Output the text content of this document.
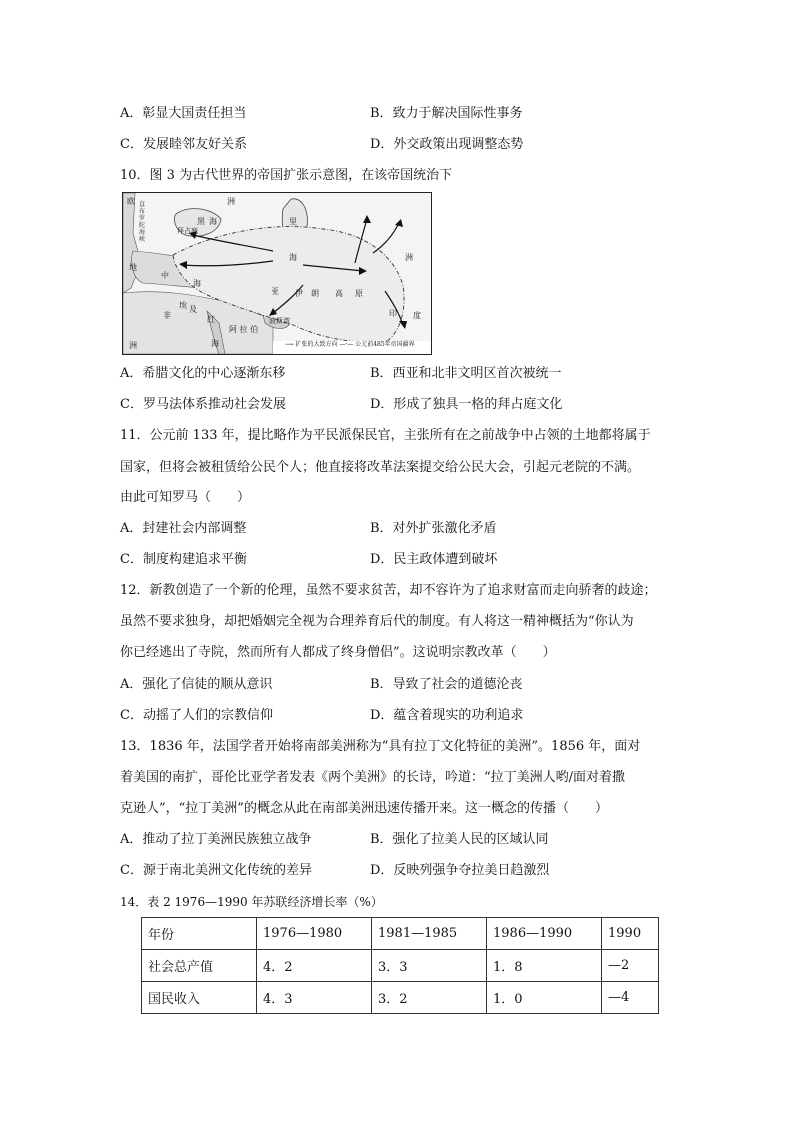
A．彰显大国责任担当	B．致力于解决国际性事务
C．发展睦邻友好关系	D．外交政策出现调整态势
10．图 3 为古代世界的帝国扩张示意图，在该帝国统治下
欧	洲
黑 海
拜占庭
里
海
地
中
海
亚
洲
伊 朗 高 原
非
埃 及
红
海
阿 拉 伯
波斯湾
印 度
洲
直布罗陀海峡
⟶ 扩张的大致方向 —·— 公元前485年帝国疆界
A．希腊文化的中心逐渐东移	B．西亚和北非文明区首次被统一
C．罗马法体系推动社会发展	D．形成了独具一格的拜占庭文化
11．公元前 133 年，提比略作为平民派保民官，主张所有在之前战争中占领的土地都将属于
国家，但将会被租赁给公民个人；他直接将改革法案提交给公民大会，引起元老院的不满。
由此可知罗马（　　）
A．封建社会内部调整	B．对外扩张激化矛盾
C．制度构建追求平衡	D．民主政体遭到破坏
12．新教创造了一个新的伦理，虽然不要求贫苦，却不容许为了追求财富而走向骄奢的歧途；
虽然不要求独身，却把婚姻完全视为合理养育后代的制度。有人将这一精神概括为“你认为
你已经逃出了寺院，然而所有人都成了终身僧侣”。这说明宗教改革（　　）
A．强化了信徒的顺从意识	B．导致了社会的道德沦丧
C．动摇了人们的宗教信仰	D．蕴含着现实的功利追求
13．1836 年，法国学者开始将南部美洲称为“具有拉丁文化特征的美洲”。1856 年，面对
着美国的南扩，哥伦比亚学者发表《两个美洲》的长诗，吟道：“拉丁美洲人哟/面对着撒
克逊人”，“拉丁美洲”的概念从此在南部美洲迅速传播开来。这一概念的传播（　　）
A．推动了拉丁美洲民族独立战争	B．强化了拉美人民的区域认同
C．源于南北美洲文化传统的差异	D．反映列强争夺拉美日趋激烈
14．表 2 1976—1990 年苏联经济增长率（%）
年份	1976—1980	1981—1985	1986—1990	1990
社会总产值	4．2	3．3	1．8	—2
国民收入	4．3	3．2	1．0	—4
